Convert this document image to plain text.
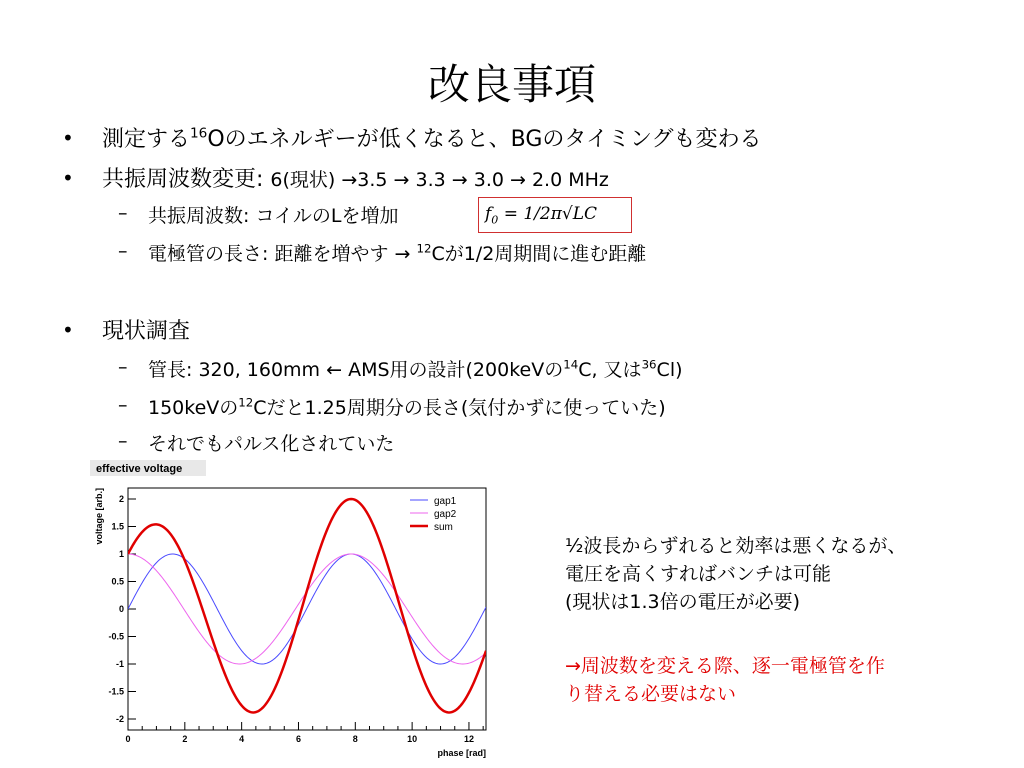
改良事項
• 測定する$^{16}$Oのエネルギーが低くなると、BGのタイミングも変わる
• 共振周波数変更: 6(現状) →3.5 → 3.3 → 3.0 → 2.0 MHz
– 共振周波数: コイルのLを増加	$f_0 = 1/2\pi√LC$
– 電極管の長さ: 距離を増やす → $^{12}$Cが1/2周期間に進む距離
• 現状調査
– 管長: 320, 160mm ← AMS用の設計(200keVの$^{14}$C, 又は$^{36}$Cl)
– 150keVの$^{12}$Cだと1.25周期分の長さ(気付かずに使っていた)
– それでもパルス化されていた
effective voltage
0	2	4	6	8	10	12
-2
-1.5
-1
-0.5
0
0.5
1
1.5
2
phase [rad]
voltage [arb.]	gap1
gap2
sum
½波長からずれると効率は悪くなるが、
電圧を高くすればバンチは可能
(現状は1.3倍の電圧が必要)
→周波数を変える際、逐一電極管を作
り替える必要はない
